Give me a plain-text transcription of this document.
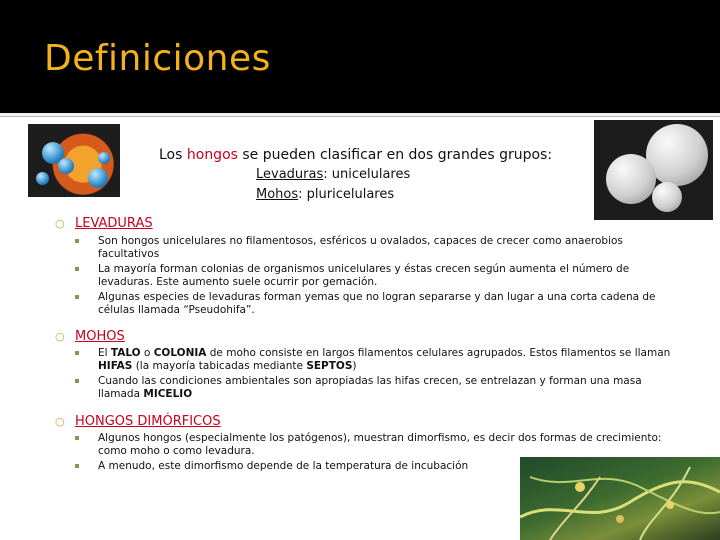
Definiciones
Los hongos se pueden clasificar en dos grandes grupos:
Levaduras: unicelulares
Mohos: pluricelulares
○ LEVADURAS
Son hongos unicelulares no filamentosos, esféricos u ovalados, capaces de crecer como anaerobios facultativos
La mayoría forman colonias de organismos unicelulares y éstas crecen según aumenta el número de levaduras. Este aumento suele ocurrir por gemación.
Algunas especies de levaduras forman yemas que no logran separarse y dan lugar a una corta cadena de células llamada “Pseudohifa”.
○ MOHOS
El TALO o COLONIA de moho consiste en largos filamentos celulares agrupados. Estos filamentos se llaman HIFAS (la mayoría tabicadas mediante SEPTOS)
Cuando las condiciones ambientales son apropiadas las hifas crecen, se entrelazan y forman una masa llamada MICELIO
○ HONGOS DIMÓRFICOS
Algunos hongos (especialmente los patógenos), muestran dimorfismo, es decir dos formas de crecimiento: como moho o como levadura.
A menudo, este dimorfismo depende de la temperatura de incubación
